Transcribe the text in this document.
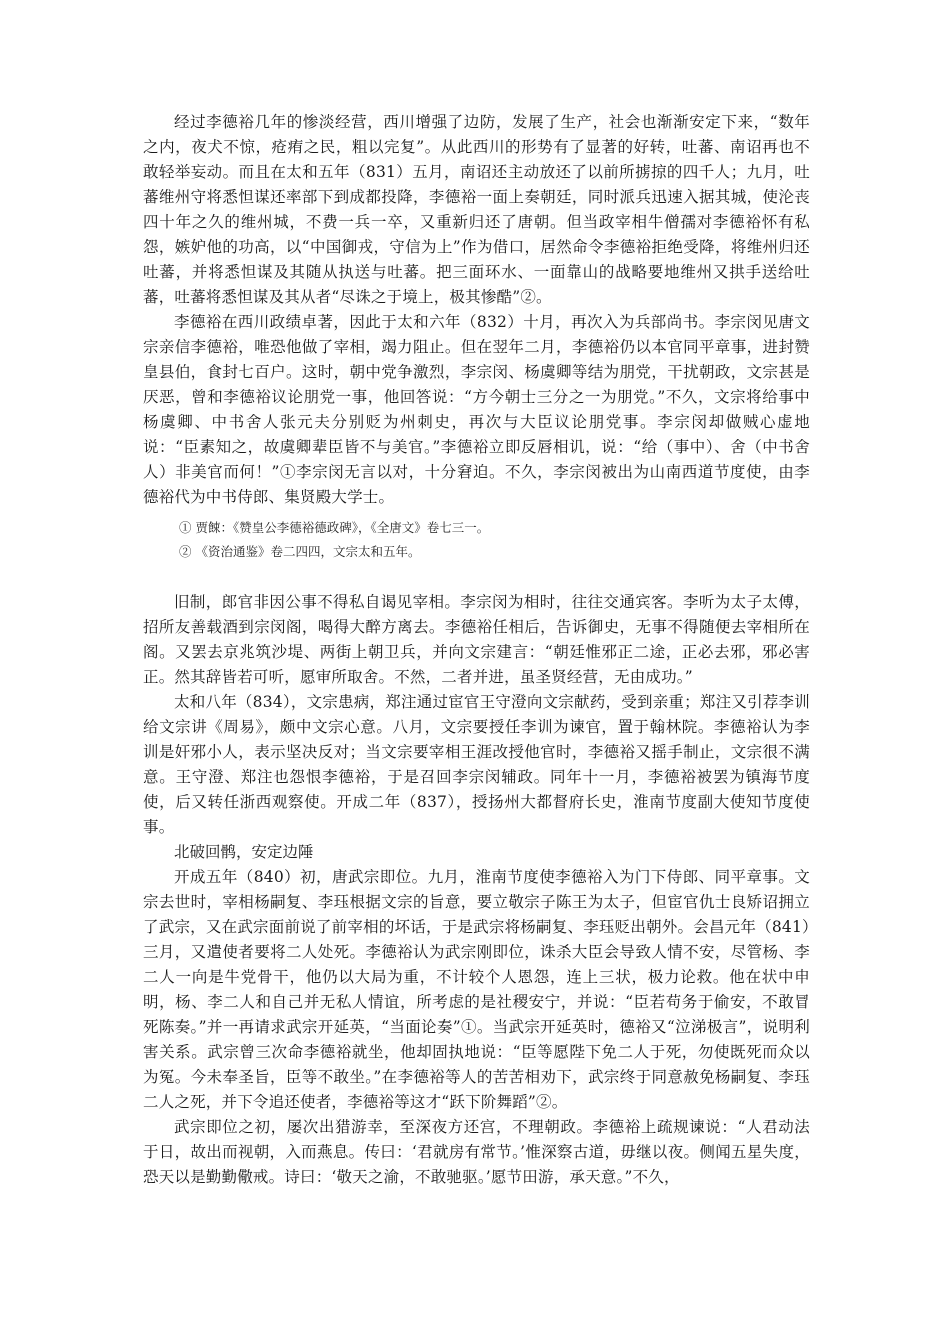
经过李德裕几年的惨淡经营，西川增强了边防，发展了生产，社会也渐渐安定下来，“数年之内，夜犬不惊，疮痏之民，粗以完复”。从此西川的形势有了显著的好转，吐蕃、南诏再也不敢轻举妄动。而且在太和五年（831）五月，南诏还主动放还了以前所掳掠的四千人；九月，吐蕃维州守将悉怛谋还率部下到成都投降，李德裕一面上奏朝廷，同时派兵迅速入据其城，使沦丧四十年之久的维州城，不费一兵一卒，又重新归还了唐朝。但当政宰相牛僧孺对李德裕怀有私怨，嫉妒他的功高，以“中国御戎，守信为上”作为借口，居然命令李德裕拒绝受降，将维州归还吐蕃，并将悉怛谋及其随从执送与吐蕃。把三面环水、一面靠山的战略要地维州又拱手送给吐蕃，吐蕃将悉怛谋及其从者“尽诛之于境上，极其惨酷”②。

李德裕在西川政绩卓著，因此于太和六年（832）十月，再次入为兵部尚书。李宗闵见唐文宗亲信李德裕，唯恐他做了宰相，竭力阻止。但在翌年二月，李德裕仍以本官同平章事，进封赞皇县伯，食封七百户。这时，朝中党争激烈，李宗闵、杨虞卿等结为朋党，干扰朝政，文宗甚是厌恶，曾和李德裕议论朋党一事，他回答说：“方今朝士三分之一为朋党。”不久，文宗将给事中杨虞卿、中书舍人张元夫分别贬为州刺史，再次与大臣议论朋党事。李宗闵却做贼心虚地说：“臣素知之，故虞卿辈臣皆不与美官。”李德裕立即反唇相讥，说：“给（事中）、舍（中书舍人）非美官而何！”①李宗闵无言以对，十分窘迫。不久，李宗闵被出为山南西道节度使，由李德裕代为中书侍郎、集贤殿大学士。

① 贾餗：《赞皇公李德裕德政碑》，《全唐文》卷七三一。

② 《资治通鉴》卷二四四，文宗太和五年。

旧制，郎官非因公事不得私自谒见宰相。李宗闵为相时，往往交通宾客。李听为太子太傅，招所友善载酒到宗闵阁，喝得大醉方离去。李德裕任相后，告诉御史，无事不得随便去宰相所在阁。又罢去京兆筑沙堤、两街上朝卫兵，并向文宗建言：“朝廷惟邪正二途，正必去邪，邪必害正。然其辞皆若可听，愿审所取舍。不然，二者并进，虽圣贤经营，无由成功。”

太和八年（834），文宗患病，郑注通过宦官王守澄向文宗献药，受到亲重；郑注又引荐李训给文宗讲《周易》，颇中文宗心意。八月，文宗要授任李训为谏官，置于翰林院。李德裕认为李训是奸邪小人，表示坚决反对；当文宗要宰相王涯改授他官时，李德裕又摇手制止，文宗很不满意。王守澄、郑注也怨恨李德裕，于是召回李宗闵辅政。同年十一月，李德裕被罢为镇海节度使，后又转任浙西观察使。开成二年（837），授扬州大都督府长史，淮南节度副大使知节度使事。

北破回鹘，安定边陲

开成五年（840）初，唐武宗即位。九月，淮南节度使李德裕入为门下侍郎、同平章事。文宗去世时，宰相杨嗣复、李珏根据文宗的旨意，要立敬宗子陈王为太子，但宦官仇士良矫诏拥立了武宗，又在武宗面前说了前宰相的坏话，于是武宗将杨嗣复、李珏贬出朝外。会昌元年（841）三月，又遣使者要将二人处死。李德裕认为武宗刚即位，诛杀大臣会导致人情不安，尽管杨、李二人一向是牛党骨干，他仍以大局为重，不计较个人恩怨，连上三状，极力论救。他在状中申明，杨、李二人和自己并无私人情谊，所考虑的是社稷安宁，并说：“臣若苟务于偷安，不敢冒死陈奏。”并一再请求武宗开延英，“当面论奏”①。当武宗开延英时，德裕又“泣涕极言”，说明利害关系。武宗曾三次命李德裕就坐，他却固执地说：“臣等愿陛下免二人于死，勿使既死而众以为冤。今未奉圣旨，臣等不敢坐。”在李德裕等人的苦苦相劝下，武宗终于同意赦免杨嗣复、李珏二人之死，并下令追还使者，李德裕等这才“跃下阶舞蹈”②。

武宗即位之初，屡次出猎游幸，至深夜方还宫，不理朝政。李德裕上疏规谏说：“人君动法于日，故出而视朝，入而燕息。传曰：‘君就房有常节。’惟深察古道，毋继以夜。侧闻五星失度，恐天以是勤勤儆戒。诗曰：‘敬天之渝，不敢驰驱。’愿节田游，承天意。”不久，
